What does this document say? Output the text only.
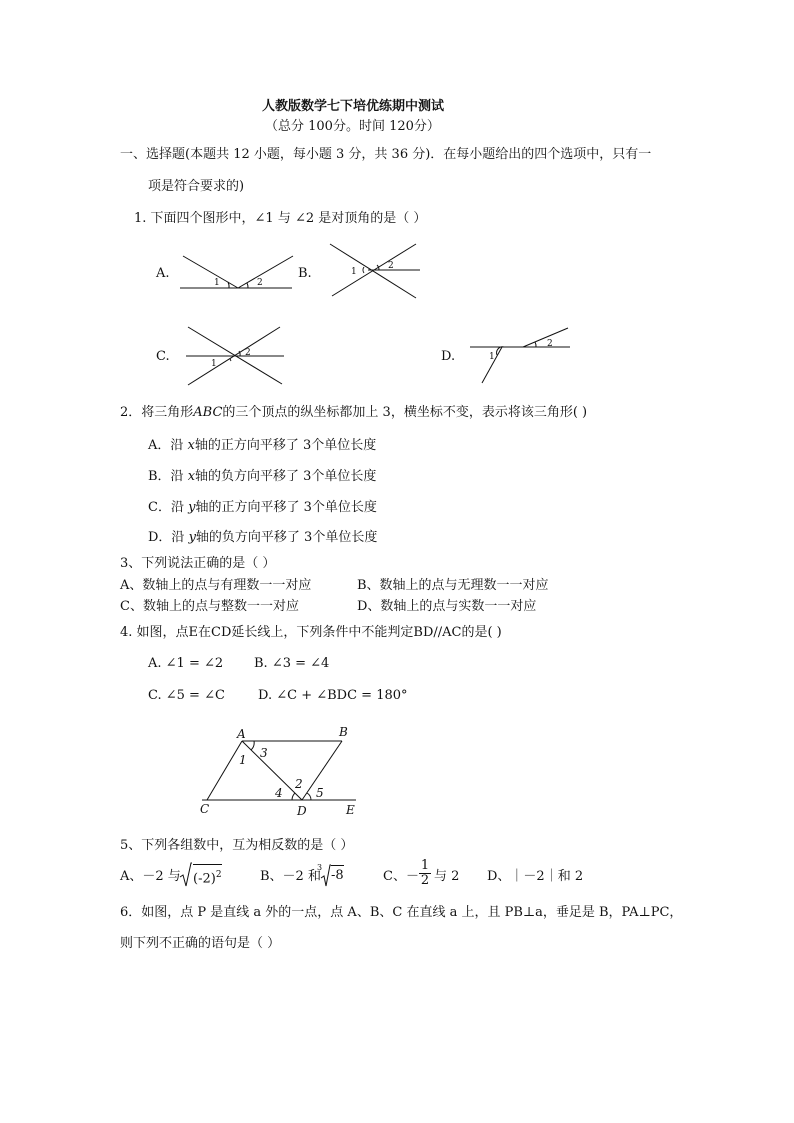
人教版数学七下培优练期中测试
（总分 100分。时间 120分）
一、选择题(本题共 12 小题，每小题 3 分，共 36 分)．在每小题给出的四个选项中，只有一
项是符合要求的)
1. 下面四个图形中，∠1 与 ∠2 是对顶角的是（ ）
A.
1	2
B.	1
2
C.	1
2	D.	1
2
2．将三角形ABC的三个顶点的纵坐标都加上 3，横坐标不变，表示将该三角形( )
A．沿 x轴的正方向平移了 3个单位长度
B．沿 x轴的负方向平移了 3个单位长度
C．沿 y轴的正方向平移了 3个单位长度
D．沿 y轴的负方向平移了 3个单位长度
3、下列说法正确的是（ ）
A、数轴上的点与有理数一一对应	B、数轴上的点与无理数一一对应
C、数轴上的点与整数一一对应	D、数轴上的点与实数一一对应
4. 如图，点E在CD延长线上，下列条件中不能判定BD//AC的是( )
A. ∠1 = ∠2 B. ∠3 = ∠4
C. ∠5 = ∠C	D. ∠C + ∠BDC = 180°
A	B
C	D	E
1
2
3
4	5
5、下列各组数中，互为相反数的是（ ）
A、－2 与 $(-2)^2$	B、－2 和
3
-8	C、－ $\frac{1}{2}$ 与 2 D、｜－2｜和 2
6．如图，点 P 是直线 a 外的一点，点 A、B、C 在直线 a 上，且 PB⊥a，垂足是 B，PA⊥PC，
则下列不正确的语句是（ ）
